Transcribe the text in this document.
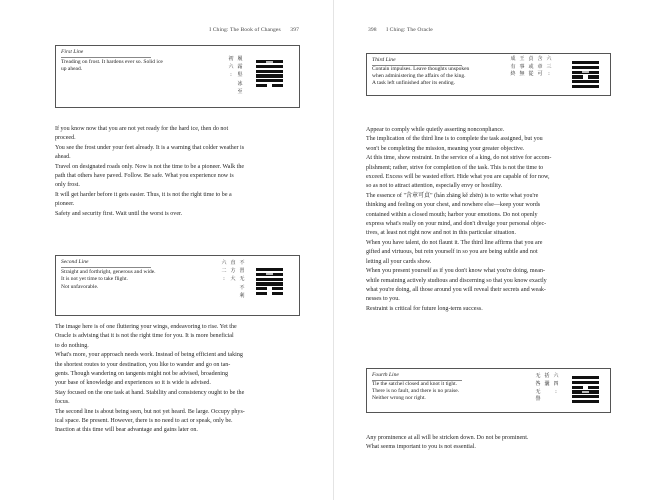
I Ching: The Book of Changes 397
First Line
Treading on frost. It hardens ever so. Solid ice
up ahead.
履
霜
堅
冰
至
初
六
:
If you know now that you are not yet ready for the hard ice, then do not
proceed.
You see the frost under your feet already. It is a warning that colder weather is
ahead.
Travel on designated roads only. Now is not the time to be a pioneer. Walk the
path that others have paved. Follow. Be safe. What you experience now is
only frost.
It will get harder before it gets easier. Thus, it is not the right time to be a
pioneer.
Safety and security first. Wait until the worst is over.
Second Line
Straight and forthright, generous and wide.
It is not yet time to take flight.
Not unfavorable.
不
習
无
不
利
直
方
大

六
二
:
The image here is of one fluttering your wings, endeavoring to rise. Yet the
Oracle is advising that it is not the right time for you. It is more beneficial
to do nothing.
What's more, your approach needs work. Instead of being efficient and taking
the shortest routes to your destination, you like to wander and go on tan-
gents. Though wandering on tangents might not be advised, broadening
your base of knowledge and experiences so it is wide is advised.
Stay focused on the one task at hand. Stability and consistency ought to be the
focus.
The second line is about being seen, but not yet heard. Be large. Occupy phys-
ical space. Be present. However, there is no need to act or speak, only be.
Inaction at this time will bear advantage and gains later on.
398 I Ching: The Oracle
Third Line
Contain impulses. Leave thoughts unspoken
when administering the affairs of the king.
A task left unfinished after its ending.
六
三
:
含
章
可
貞
或
從
王
事
無
成
有
終
Appear to comply while quietly asserting nonconpliance.
The implication of the third line is to complete the task assigned, but you
won't be completing the mission, meaning your greater objective.
At this time, show restraint. In the service of a king, do not strive for accom-
plishment; rather, strive for completion of the task. This is not the time to
exceed. Excess will be wasted effort. Hide what you are capable of for now,
so as not to attract attention, especially envy or hostility.
The essence of "含章可貞" (hán zhāng kě zhēn) is to write what you're
thinking and feeling on your chest, and nowhere else—keep your words
contained within a closed mouth; harbor your emotions. Do not openly
express what's really on your mind, and don't divulge your personal objec-
tives, at least not right now and not in this particular situation.
When you have talent, do not flaunt it. The third line affirms that you are
gifted and virtuous, but rein yourself in so you are being subtle and not
letting all your cards show.
When you present yourself as if you don't know what you're doing, mean-
while remaining actively studious and discerning so that you know exactly
what you're doing, all those around you will reveal their secrets and weak-
nesses to you.
Restraint is critical for future long-term success.
Fourth Line
Tie the satchel closed and knot it tight.
There is no fault, and there is no praise.
Neither wrong nor right.
六
四
:
括
囊

无
咎
无
譽
Any prominence at all will be stricken down. Do not be prominent.
What seems important to you is not essential.
